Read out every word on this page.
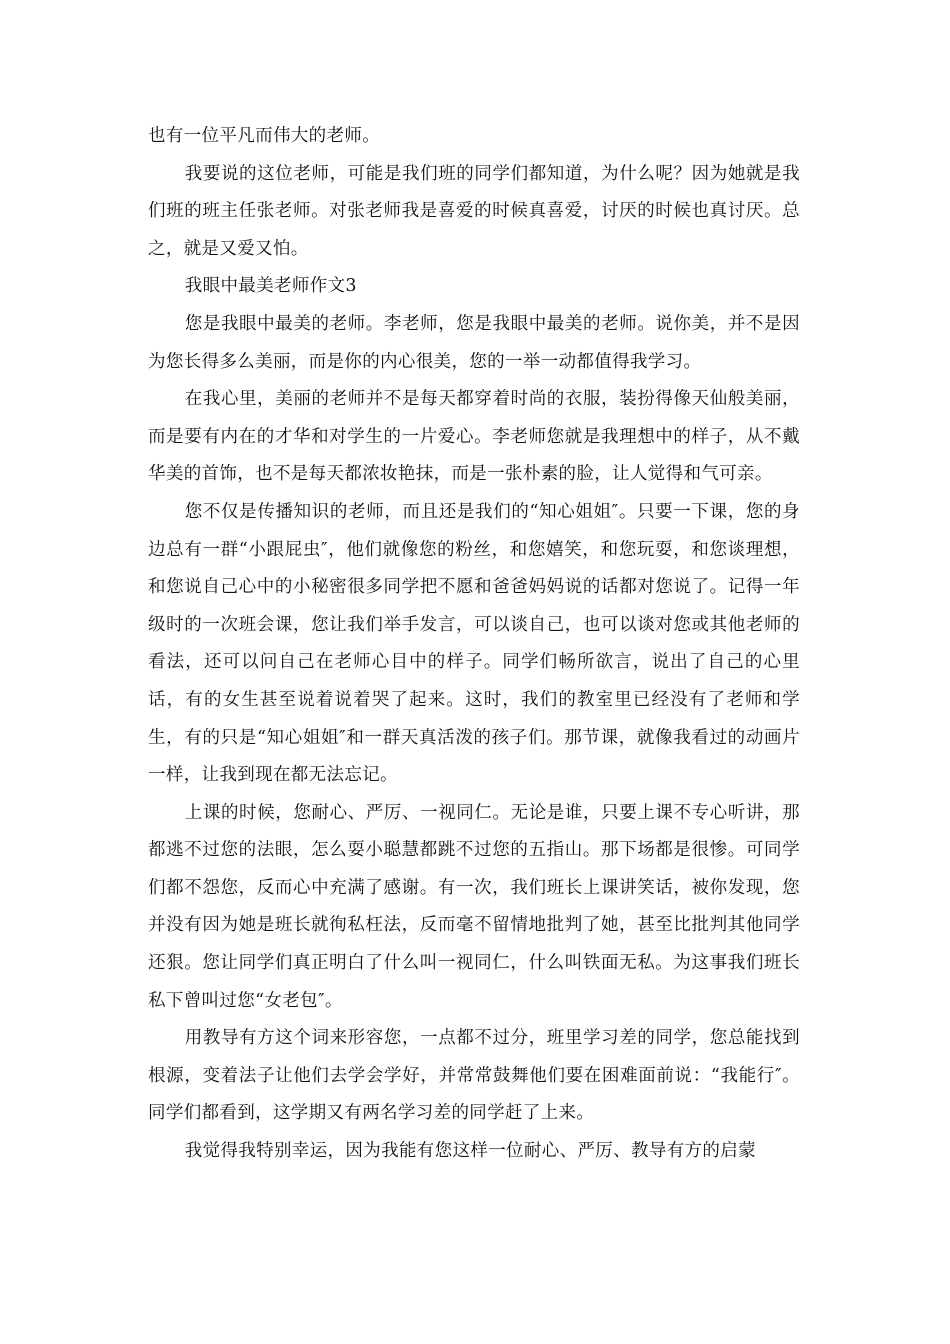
也有一位平凡而伟大的老师。

我要说的这位老师，可能是我们班的同学们都知道，为什么呢？因为她就是我们班的班主任张老师。对张老师我是喜爱的时候真喜爱，讨厌的时候也真讨厌。总之，就是又爱又怕。

我眼中最美老师作文3

您是我眼中最美的老师。李老师，您是我眼中最美的老师。说你美，并不是因为您长得多么美丽，而是你的内心很美，您的一举一动都值得我学习。

在我心里，美丽的老师并不是每天都穿着时尚的衣服，装扮得像天仙般美丽，而是要有内在的才华和对学生的一片爱心。李老师您就是我理想中的样子，从不戴华美的首饰，也不是每天都浓妆艳抹，而是一张朴素的脸，让人觉得和气可亲。

您不仅是传播知识的老师，而且还是我们的“知心姐姐″。只要一下课，您的身边总有一群“小跟屁虫″，他们就像您的粉丝，和您嬉笑，和您玩耍，和您谈理想，和您说自己心中的小秘密很多同学把不愿和爸爸妈妈说的话都对您说了。记得一年级时的一次班会课，您让我们举手发言，可以谈自己，也可以谈对您或其他老师的看法，还可以问自己在老师心目中的样子。同学们畅所欲言，说出了自己的心里话，有的女生甚至说着说着哭了起来。这时，我们的教室里已经没有了老师和学生，有的只是“知心姐姐″和一群天真活泼的孩子们。那节课，就像我看过的动画片一样，让我到现在都无法忘记。

上课的时候，您耐心、严厉、一视同仁。无论是谁，只要上课不专心听讲，那都逃不过您的法眼，怎么耍小聪慧都跳不过您的五指山。那下场都是很惨。可同学们都不怨您，反而心中充满了感谢。有一次，我们班长上课讲笑话，被你发现，您并没有因为她是班长就徇私枉法，反而毫不留情地批判了她，甚至比批判其他同学还狠。您让同学们真正明白了什么叫一视同仁，什么叫铁面无私。为这事我们班长私下曾叫过您“女老包″。

用教导有方这个词来形容您，一点都不过分，班里学习差的同学，您总能找到根源，变着法子让他们去学会学好，并常常鼓舞他们要在困难面前说：“我能行″。同学们都看到，这学期又有两名学习差的同学赶了上来。

我觉得我特别幸运，因为我能有您这样一位耐心、严厉、教导有方的启蒙
